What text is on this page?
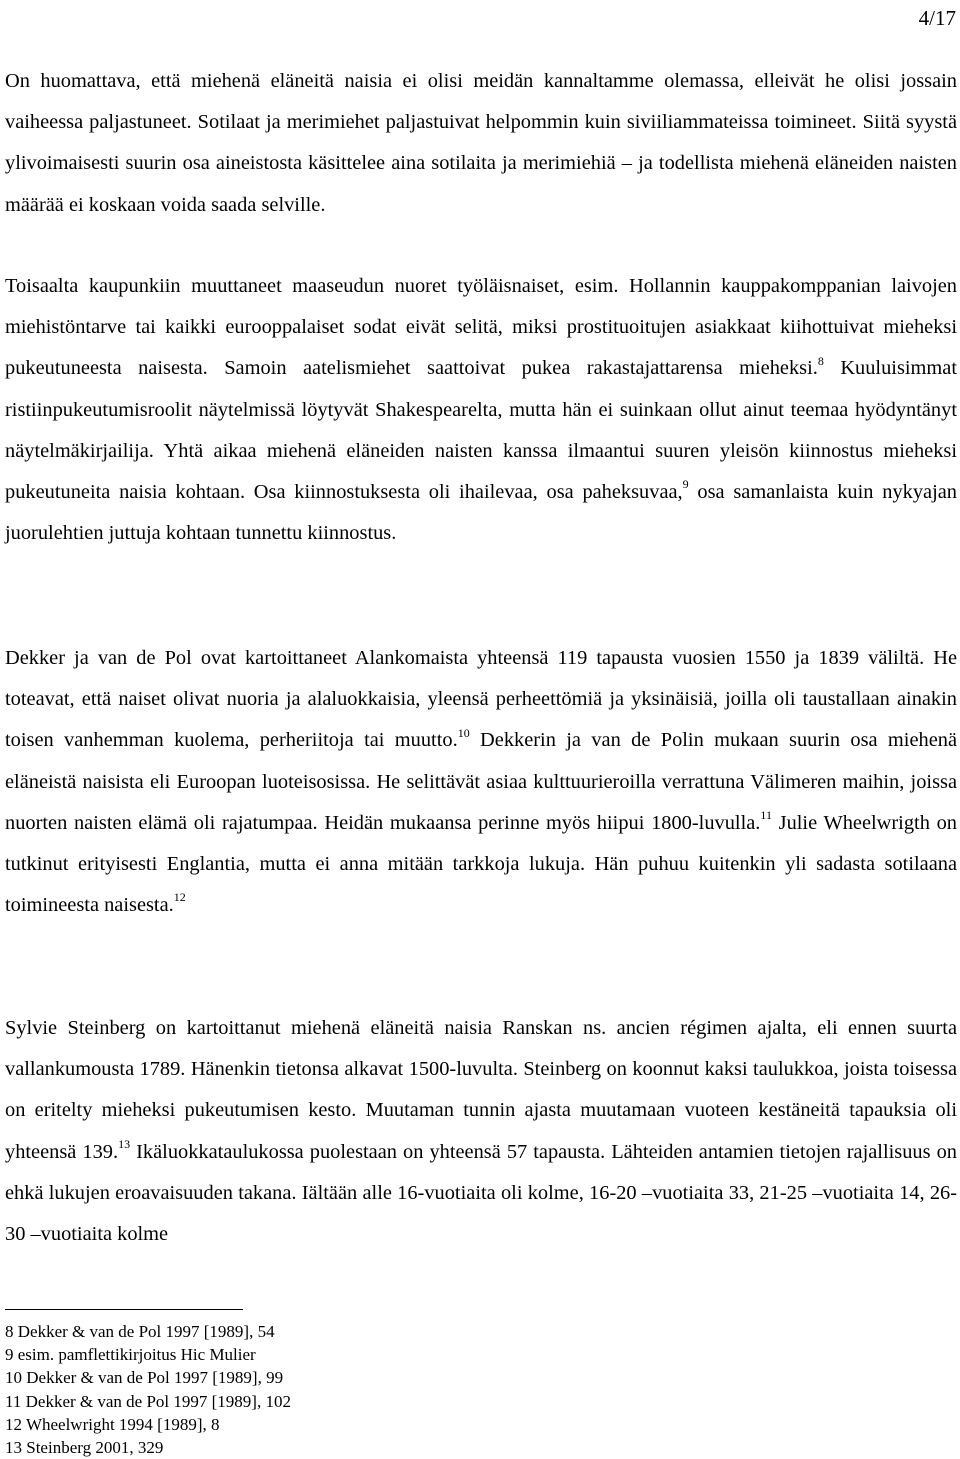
4/17

On huomattava, että miehenä eläneitä naisia ei olisi meidän kannaltamme olemassa, elleivät he olisi jossain vaiheessa paljastuneet. Sotilaat ja merimiehet paljastuivat helpommin kuin siviiliammateissa toimineet. Siitä syystä ylivoimaisesti suurin osa aineistosta käsittelee aina sotilaita ja merimiehiä – ja todellista miehenä eläneiden naisten määrää ei koskaan voida saada selville.

Toisaalta kaupunkiin muuttaneet maaseudun nuoret työläisnaiset, esim. Hollannin kauppakomppanian laivojen miehistöntarve tai kaikki eurooppalaiset sodat eivät selitä, miksi prostituoitujen asiakkaat kiihottuivat mieheksi pukeutuneesta naisesta. Samoin aatelismiehet saattoivat pukea rakastajattarensa mieheksi.$^8$ Kuuluisimmat ristiinpukeutumisroolit näytelmissä löytyvät Shakespearelta, mutta hän ei suinkaan ollut ainut teemaa hyödyntänyt näytelmäkirjailija. Yhtä aikaa miehenä eläneiden naisten kanssa ilmaantui suuren yleisön kiinnostus mieheksi pukeutuneita naisia kohtaan. Osa kiinnostuksesta oli ihailevaa, osa paheksuvaa,$^9$ osa samanlaista kuin nykyajan juorulehtien juttuja kohtaan tunnettu kiinnostus.

Dekker ja van de Pol ovat kartoittaneet Alankomaista yhteensä 119 tapausta vuosien 1550 ja 1839 väliltä. He toteavat, että naiset olivat nuoria ja alaluokkaisia, yleensä perheettömiä ja yksinäisiä, joilla oli taustallaan ainakin toisen vanhemman kuolema, perheriitoja tai muutto.$^{10}$ Dekkerin ja van de Polin mukaan suurin osa miehenä eläneistä naisista eli Euroopan luoteisosissa. He selittävät asiaa kulttuurieroilla verrattuna Välimeren maihin, joissa nuorten naisten elämä oli rajatumpaa. Heidän mukaansa perinne myös hiipui 1800-luvulla.$^{11}$ Julie Wheelwrigth on tutkinut erityisesti Englantia, mutta ei anna mitään tarkkoja lukuja. Hän puhuu kuitenkin yli sadasta sotilaana toimineesta naisesta.$^{12}$

Sylvie Steinberg on kartoittanut miehenä eläneitä naisia Ranskan ns. ancien régimen ajalta, eli ennen suurta vallankumousta 1789. Hänenkin tietonsa alkavat 1500-luvulta. Steinberg on koonnut kaksi taulukkoa, joista toisessa on eritelty mieheksi pukeutumisen kesto. Muutaman tunnin ajasta muutamaan vuoteen kestäneitä tapauksia oli yhteensä 139.13 Ikäluokkataulukossa puolestaan on yhteensä 57 tapausta. Lähteiden antamien tietojen rajallisuus on ehkä lukujen eroavaisuuden takana. Iältään alle 16-vuotiaita oli kolme, 16-20 –vuotiaita 33, 21-25 –vuotiaita 14, 26-30 –vuotiaita kolme

8 Dekker & van de Pol 1997 [1989], 54
9 esim. pamflettikirjoitus Hic Mulier
10 Dekker & van de Pol 1997 [1989], 99
11 Dekker & van de Pol 1997 [1989], 102
12 Wheelwright 1994 [1989], 8
13 Steinberg 2001, 329
